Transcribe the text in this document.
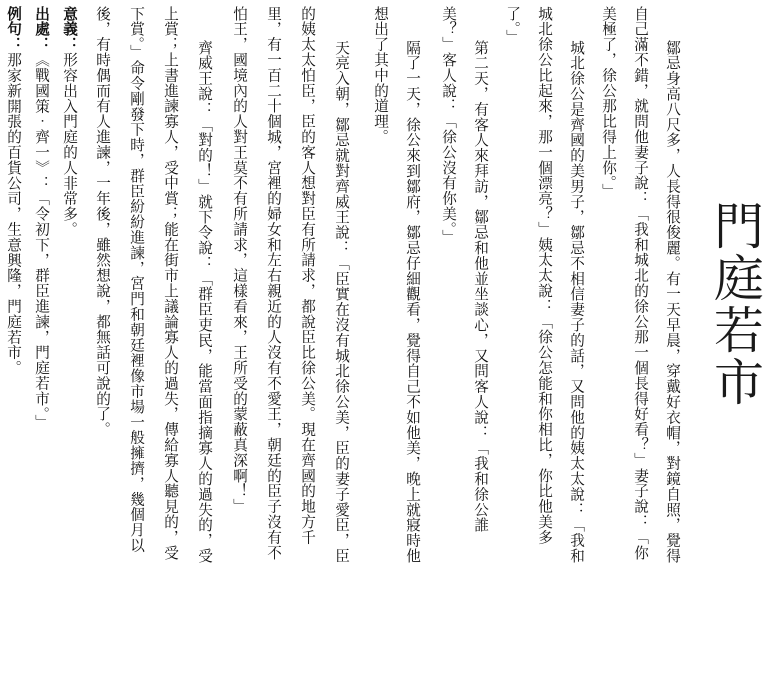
門庭若市
鄒忌身高八尺多，人長得很俊麗。有一天早晨，穿戴好衣帽，對鏡自照，覺得
自己滿不錯，就問他妻子說：「我和城北的徐公那一個長得好看？」妻子說：「你
美極了，徐公那比得上你。」
城北徐公是齊國的美男子，鄒忌不相信妻子的話，又問他的姨太太說：「我和
城北徐公比起來，那一個漂亮？」姨太太說：「徐公怎能和你相比，你比他美多
了。」
第二天，有客人來拜訪，鄒忌和他並坐談心，又問客人說：「我和徐公誰
美？」客人說：「徐公沒有你美。」
隔了一天，徐公來到鄒府，鄒忌仔細觀看，覺得自己不如他美，晚上就寢時他
想出了其中的道理。
天亮入朝，鄒忌就對齊威王說：「臣實在沒有城北徐公美，臣的妻子愛臣，臣
的姨太太怕臣，臣的客人想對臣有所請求，都說臣比徐公美。現在齊國的地方千
里，有一百二十個城，宮裡的婦女和左右親近的人沒有不愛王，朝廷的臣子沒有不
怕王，國境內的人對王莫不有所請求，這樣看來，王所受的蒙蔽真深啊！」
齊威王說：「對的！」就下令說：「群臣吏民，能當面指摘寡人的過失的，受
上賞；上書進諫寡人，受中賞；能在街市上議論寡人的過失，傳給寡人聽見的，受
下賞。」命令剛發下時，群臣紛紛進諫，宮門和朝廷裡像市場一般擁擠，幾個月以
後，有時偶而有人進諫，一年後，雖然想說，都無話可說的了。
意義：形容出入門庭的人非常多。
出處：《戰國策‧齊一》：「令初下，群臣進諫，門庭若市。」
例句：那家新開張的百貨公司，生意興隆，門庭若市。
